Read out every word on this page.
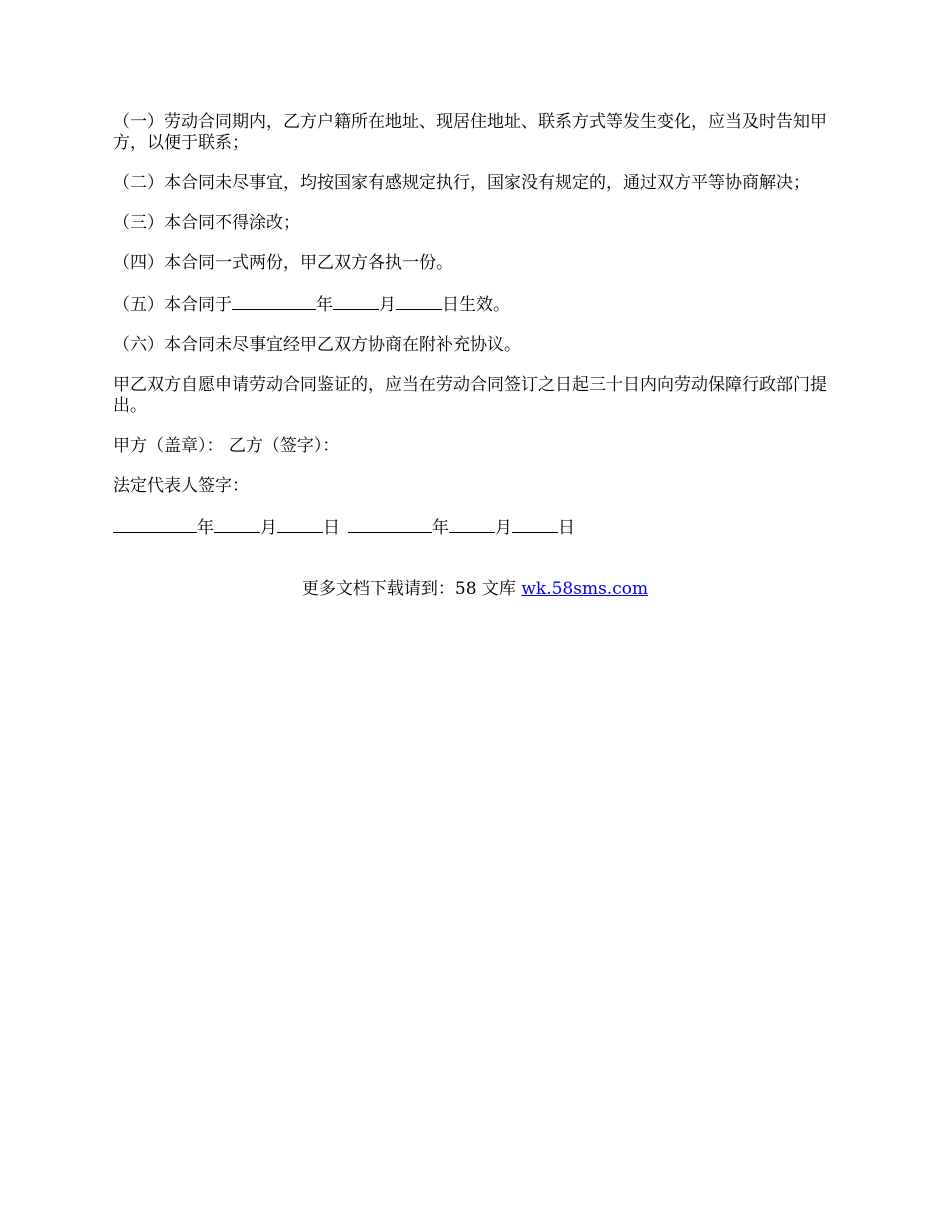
（一）劳动合同期内，乙方户籍所在地址、现居住地址、联系方式等发生变化，应当及时告知甲方，以便于联系；

（二）本合同未尽事宜，均按国家有感规定执行，国家没有规定的，通过双方平等协商解决；

（三）本合同不得涂改；

（四）本合同一式两份，甲乙双方各执一份。

（五）本合同于	年	月	日生效。

（六）本合同未尽事宜经甲乙双方协商在附补充协议。

甲乙双方自愿申请劳动合同鉴证的，应当在劳动合同签订之日起三十日内向劳动保障行政部门提出。

甲方（盖章）： 乙方（签字）：

法定代表人签字：

年	月	日	年	月	日

更多文档下载请到：58 文库 wk.58sms.com
